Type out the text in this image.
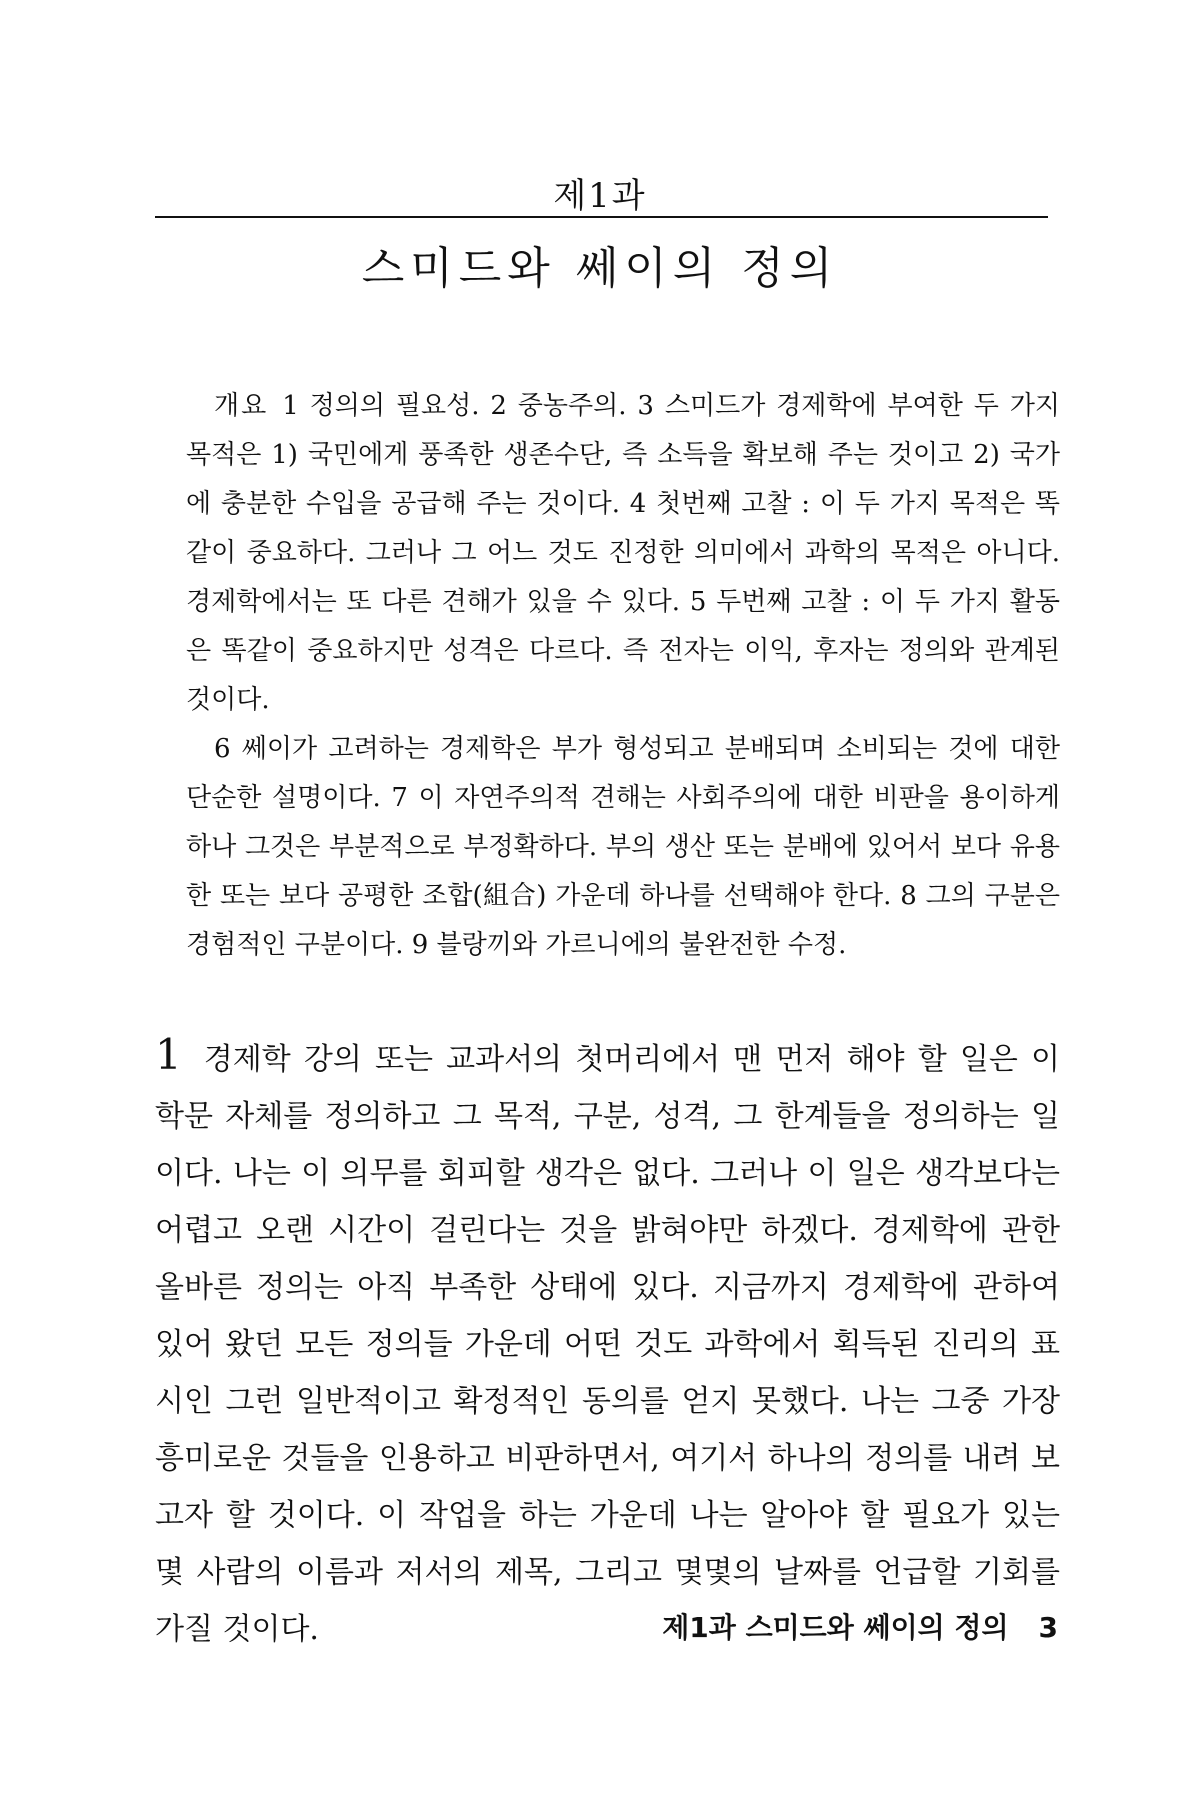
제1과
스미드와 쎄이의 정의

개요 1 정의의 필요성. 2 중농주의. 3 스미드가 경제학에 부여한 두 가지 목적은 1) 국민에게 풍족한 생존수단, 즉 소득을 확보해 주는 것이고 2) 국가에 충분한 수입을 공급해 주는 것이다. 4 첫번째 고찰 : 이 두 가지 목적은 똑같이 중요하다. 그러나 그 어느 것도 진정한 의미에서 과학의 목적은 아니다. 경제학에서는 또 다른 견해가 있을 수 있다. 5 두번째 고찰 : 이 두 가지 활동은 똑같이 중요하지만 성격은 다르다. 즉 전자는 이익, 후자는 정의와 관계된 것이다.

6 쎄이가 고려하는 경제학은 부가 형성되고 분배되며 소비되는 것에 대한 단순한 설명이다. 7 이 자연주의적 견해는 사회주의에 대한 비판을 용이하게 하나 그것은 부분적으로 부정확하다. 부의 생산 또는 분배에 있어서 보다 유용한 또는 보다 공평한 조합(組合) 가운데 하나를 선택해야 한다. 8 그의 구분은 경험적인 구분이다. 9 블랑끼와 가르니에의 불완전한 수정.

1 경제학 강의 또는 교과서의 첫머리에서 맨 먼저 해야 할 일은 이 학문 자체를 정의하고 그 목적, 구분, 성격, 그 한계들을 정의하는 일이다. 나는 이 의무를 회피할 생각은 없다. 그러나 이 일은 생각보다는 어렵고 오랜 시간이 걸린다는 것을 밝혀야만 하겠다. 경제학에 관한 올바른 정의는 아직 부족한 상태에 있다. 지금까지 경제학에 관하여 있어 왔던 모든 정의들 가운데 어떤 것도 과학에서 획득된 진리의 표시인 그런 일반적이고 확정적인 동의를 얻지 못했다. 나는 그중 가장 흥미로운 것들을 인용하고 비판하면서, 여기서 하나의 정의를 내려 보고자 할 것이다. 이 작업을 하는 가운데 나는 알아야 할 필요가 있는 몇 사람의 이름과 저서의 제목, 그리고 몇몇의 날짜를 언급할 기회를 가질 것이다.	제1과 스미드와 쎄이의 정의 3
